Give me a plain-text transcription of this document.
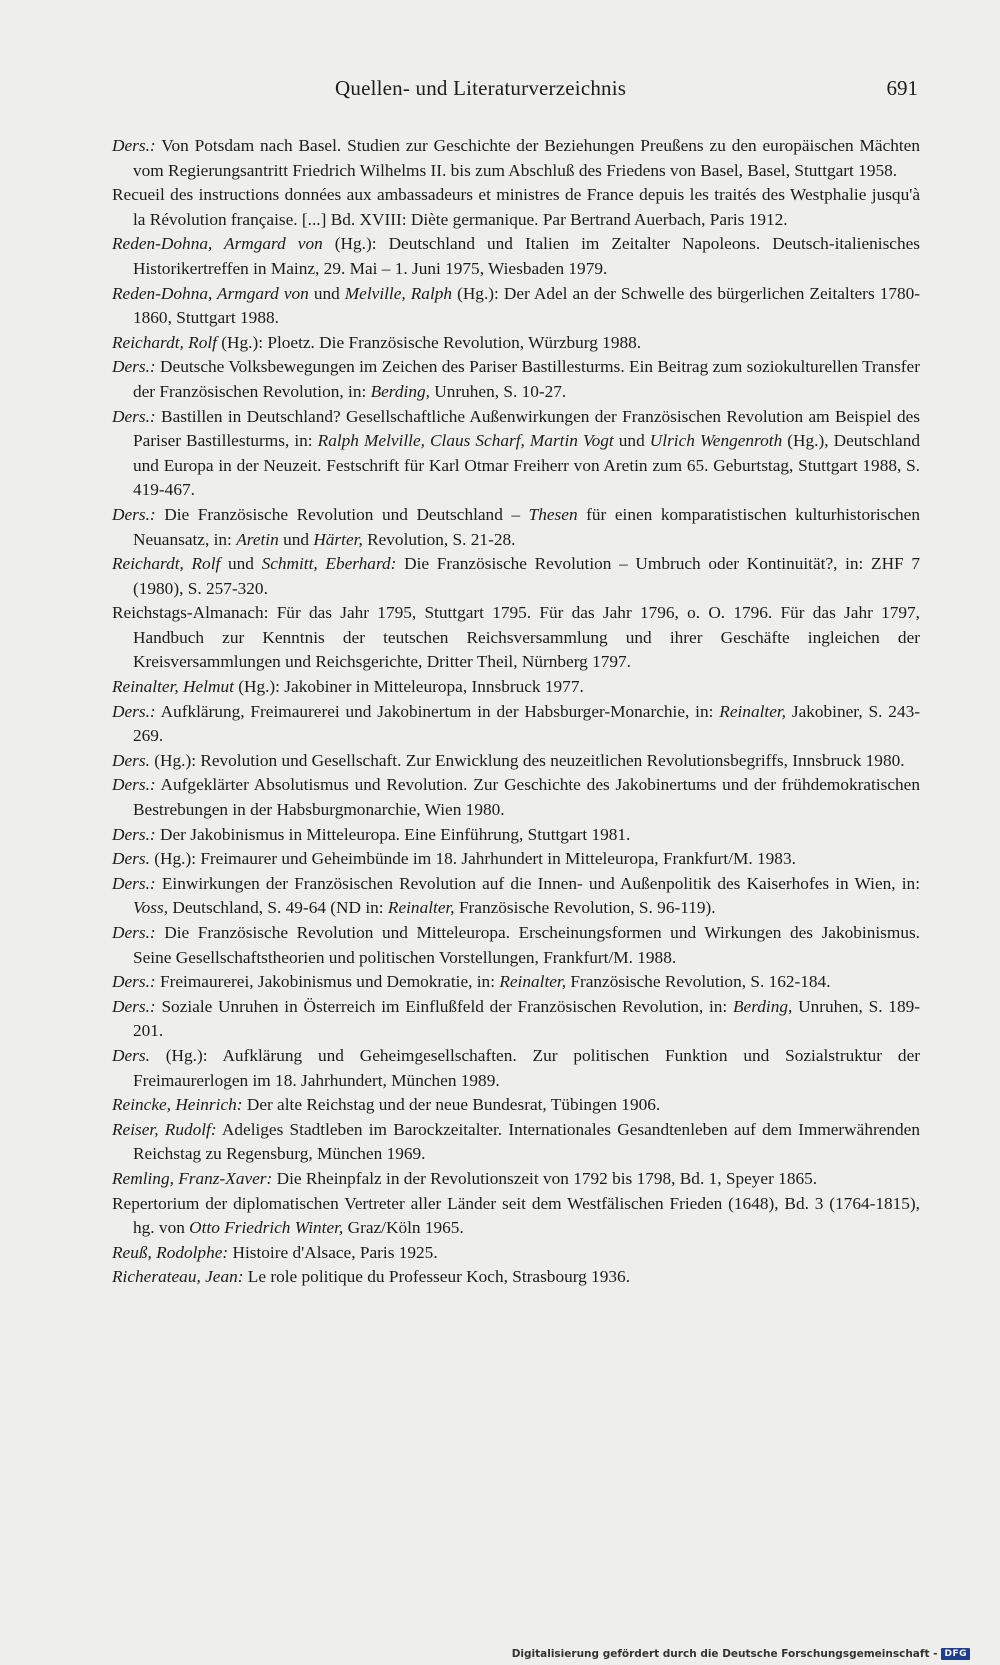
Quellen- und Literaturverzeichnis	691

Ders.: Von Potsdam nach Basel. Studien zur Geschichte der Beziehungen Preußens zu den europäischen Mächten vom Regierungsantritt Friedrich Wilhelms II. bis zum Abschluß des Friedens von Basel, Basel, Stuttgart 1958.

Recueil des instructions données aux ambassadeurs et ministres de France depuis les traités des Westphalie jusqu'à la Révolution française. [...] Bd. XVIII: Diète germanique. Par Bertrand Auerbach, Paris 1912.

Reden-Dohna, Armgard von (Hg.): Deutschland und Italien im Zeitalter Napoleons. Deutsch-italienisches Historikertreffen in Mainz, 29. Mai – 1. Juni 1975, Wiesbaden 1979.

Reden-Dohna, Armgard von und Melville, Ralph (Hg.): Der Adel an der Schwelle des bürgerlichen Zeitalters 1780-1860, Stuttgart 1988.

Reichardt, Rolf (Hg.): Ploetz. Die Französische Revolution, Würzburg 1988.

Ders.: Deutsche Volksbewegungen im Zeichen des Pariser Bastillesturms. Ein Beitrag zum soziokulturellen Transfer der Französischen Revolution, in: Berding, Unruhen, S. 10-27.

Ders.: Bastillen in Deutschland? Gesellschaftliche Außenwirkungen der Französischen Revolution am Beispiel des Pariser Bastillesturms, in: Ralph Melville, Claus Scharf, Martin Vogt und Ulrich Wengenroth (Hg.), Deutschland und Europa in der Neuzeit. Festschrift für Karl Otmar Freiherr von Aretin zum 65. Geburtstag, Stuttgart 1988, S. 419-467.

Ders.: Die Französische Revolution und Deutschland – Thesen für einen komparatistischen kulturhistorischen Neuansatz, in: Aretin und Härter, Revolution, S. 21-28.

Reichardt, Rolf und Schmitt, Eberhard: Die Französische Revolution – Umbruch oder Kontinuität?, in: ZHF 7 (1980), S. 257-320.

Reichstags-Almanach: Für das Jahr 1795, Stuttgart 1795. Für das Jahr 1796, o. O. 1796. Für das Jahr 1797, Handbuch zur Kenntnis der teutschen Reichsversammlung und ihrer Geschäfte ingleichen der Kreisversammlungen und Reichsgerichte, Dritter Theil, Nürnberg 1797.

Reinalter, Helmut (Hg.): Jakobiner in Mitteleuropa, Innsbruck 1977.

Ders.: Aufklärung, Freimaurerei und Jakobinertum in der Habsburger-Monarchie, in: Reinalter, Jakobiner, S. 243-269.

Ders. (Hg.): Revolution und Gesellschaft. Zur Enwicklung des neuzeitlichen Revolutionsbegriffs, Innsbruck 1980.

Ders.: Aufgeklärter Absolutismus und Revolution. Zur Geschichte des Jakobinertums und der frühdemokratischen Bestrebungen in der Habsburgmonarchie, Wien 1980.

Ders.: Der Jakobinismus in Mitteleuropa. Eine Einführung, Stuttgart 1981.

Ders. (Hg.): Freimaurer und Geheimbünde im 18. Jahrhundert in Mitteleuropa, Frankfurt/M. 1983.

Ders.: Einwirkungen der Französischen Revolution auf die Innen- und Außenpolitik des Kaiserhofes in Wien, in: Voss, Deutschland, S. 49-64 (ND in: Reinalter, Französische Revolution, S. 96-119).

Ders.: Die Französische Revolution und Mitteleuropa. Erscheinungsformen und Wirkungen des Jakobinismus. Seine Gesellschaftstheorien und politischen Vorstellungen, Frankfurt/M. 1988.

Ders.: Freimaurerei, Jakobinismus und Demokratie, in: Reinalter, Französische Revolution, S. 162-184.

Ders.: Soziale Unruhen in Österreich im Einflußfeld der Französischen Revolution, in: Berding, Unruhen, S. 189-201.

Ders. (Hg.): Aufklärung und Geheimgesellschaften. Zur politischen Funktion und Sozialstruktur der Freimaurerlogen im 18. Jahrhundert, München 1989.

Reincke, Heinrich: Der alte Reichstag und der neue Bundesrat, Tübingen 1906.

Reiser, Rudolf: Adeliges Stadtleben im Barockzeitalter. Internationales Gesandtenleben auf dem Immerwährenden Reichstag zu Regensburg, München 1969.

Remling, Franz-Xaver: Die Rheinpfalz in der Revolutionszeit von 1792 bis 1798, Bd. 1, Speyer 1865.

Repertorium der diplomatischen Vertreter aller Länder seit dem Westfälischen Frieden (1648), Bd. 3 (1764-1815), hg. von Otto Friedrich Winter, Graz/Köln 1965.

Reuß, Rodolphe: Histoire d'Alsace, Paris 1925.

Richerateau, Jean: Le role politique du Professeur Koch, Strasbourg 1936.

Digitalisierung gefördert durch die Deutsche Forschungsgemeinschaft - DFG
